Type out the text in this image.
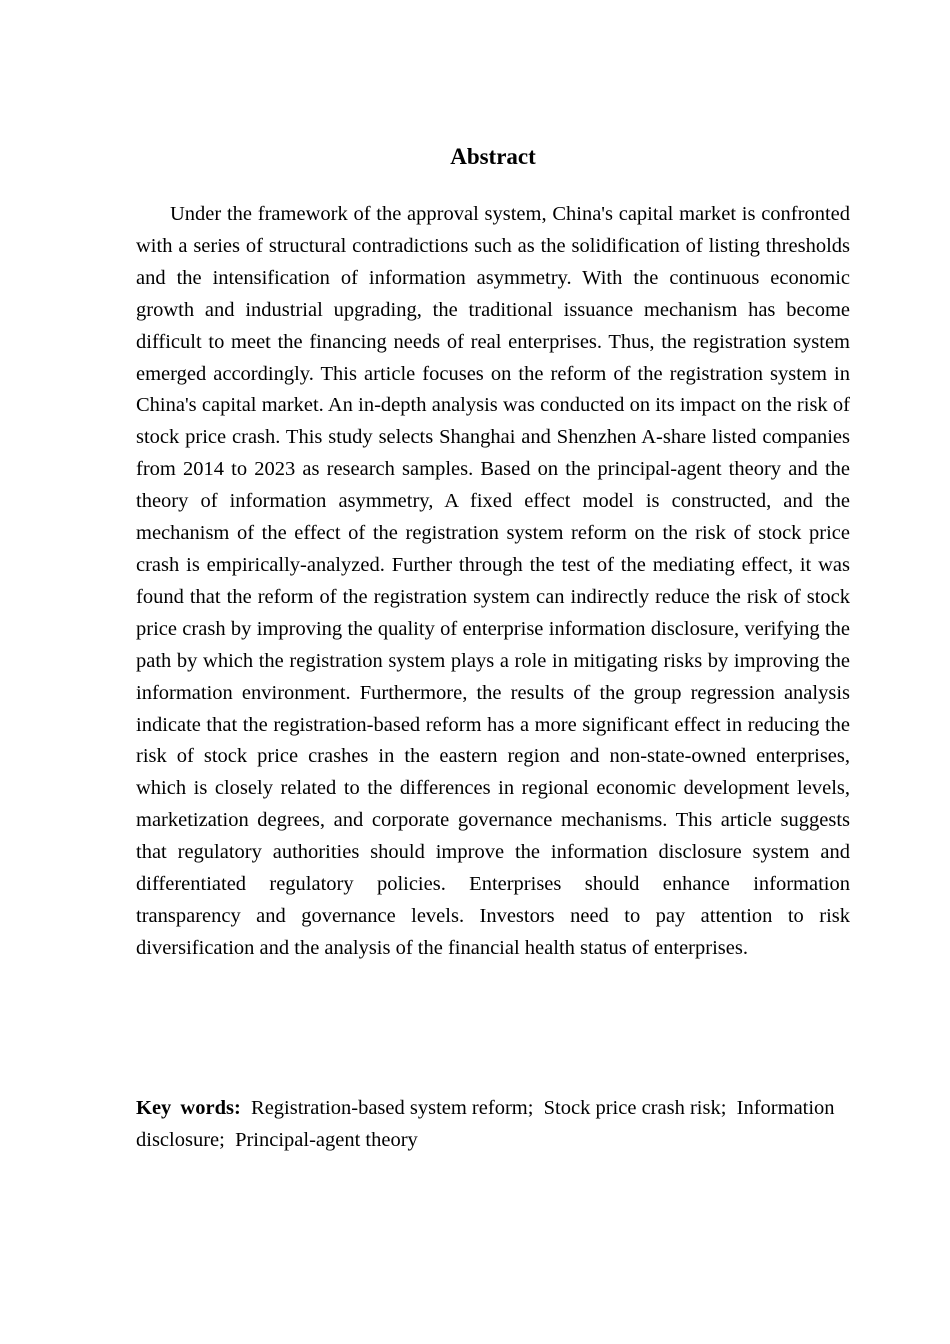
Abstract

Under the framework of the approval system, China's capital market is confronted with a series of structural contradictions such as the solidification of listing thresholds and the intensification of information asymmetry. With the continuous economic growth and industrial upgrading, the traditional issuance mechanism has become difficult to meet the financing needs of real enterprises. Thus, the registration system emerged accordingly. This article focuses on the reform of the registration system in China's capital market. An in-depth analysis was conducted on its impact on the risk of stock price crash. This study selects Shanghai and Shenzhen A-share listed companies from 2014 to 2023 as research samples. Based on the principal-agent theory and the theory of information asymmetry, A fixed effect model is constructed, and the mechanism of the effect of the registration system reform on the risk of stock price crash is empirically-analyzed. Further through the test of the mediating effect, it was found that the reform of the registration system can indirectly reduce the risk of stock price crash by improving the quality of enterprise information disclosure, verifying the path by which the registration system plays a role in mitigating risks by improving the information environment. Furthermore, the results of the group regression analysis indicate that the registration-based reform has a more significant effect in reducing the risk of stock price crashes in the eastern region and non-state-owned enterprises, which is closely related to the differences in regional economic development levels, marketization degrees, and corporate governance mechanisms. This article suggests that regulatory authorities should improve the information disclosure system and differentiated regulatory policies. Enterprises should enhance information transparency and governance levels. Investors need to pay attention to risk diversification and the analysis of the financial health status of enterprises.

Key words: Registration-based system reform;  Stock price crash risk;  Information disclosure;  Principal-agent theory
